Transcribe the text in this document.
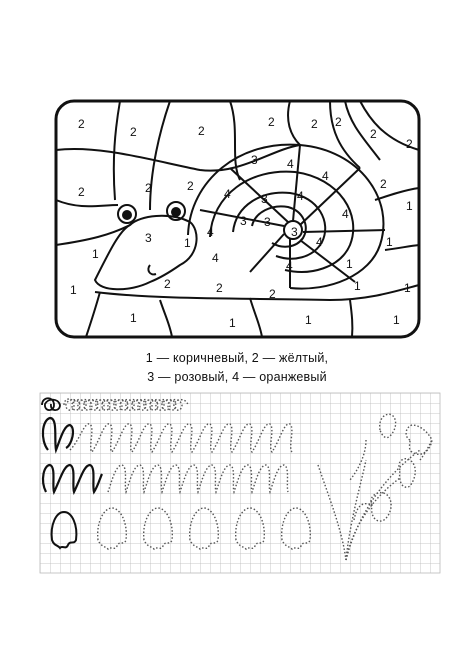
2
2	2
2	2 2
2
2
3 4
4
4
4
2	2	2
3 4
3 3
3
4
4
2
1
3	4
4
1
1
2
1	2	2
1
1
1
1
1	1	1	1
1 — коричневый, 2 — жёлтый,
3 — розовый, 4 — оранжевый
